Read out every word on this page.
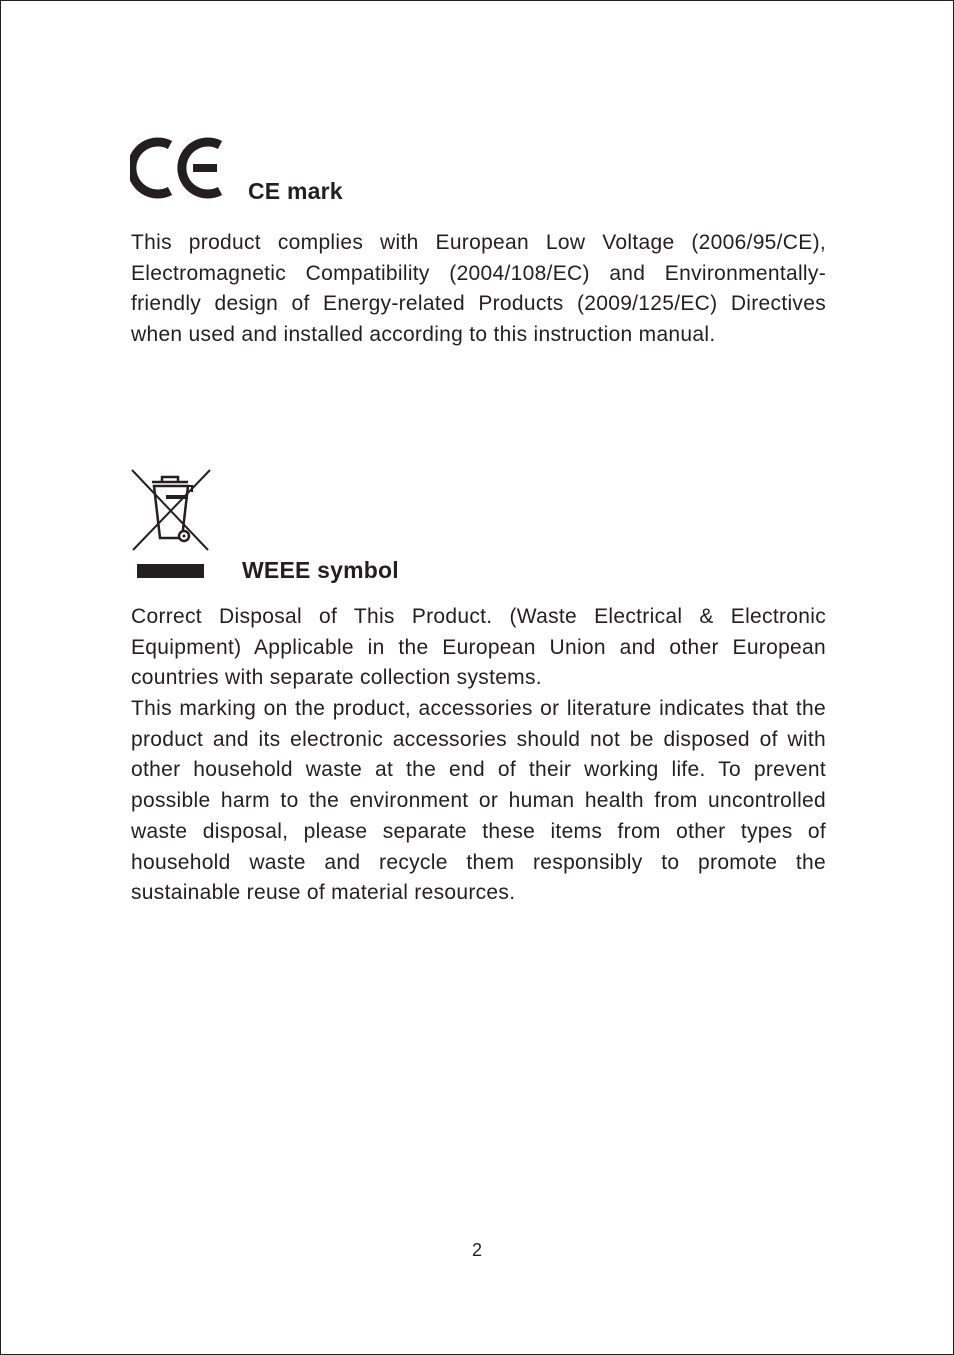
CE mark

This product complies with European Low Voltage (2006/95/CE), Electromagnetic Compatibility (2004/108/EC) and Environmentally-friendly design of Energy-related Products (2009/125/EC) Directives when used and installed according to this instruction manual.

WEEE symbol

Correct Disposal of This Product. (Waste Electrical & Electronic Equipment) Applicable in the European Union and other European countries with separate collection systems.

This marking on the product, accessories or literature indicates that the product and its electronic accessories should not be disposed of with other household waste at the end of their working life. To prevent possible harm to the environment or human health from uncontrolled waste disposal, please separate these items from other types of household waste and recycle them responsibly to promote the sustainable reuse of material resources.

2
